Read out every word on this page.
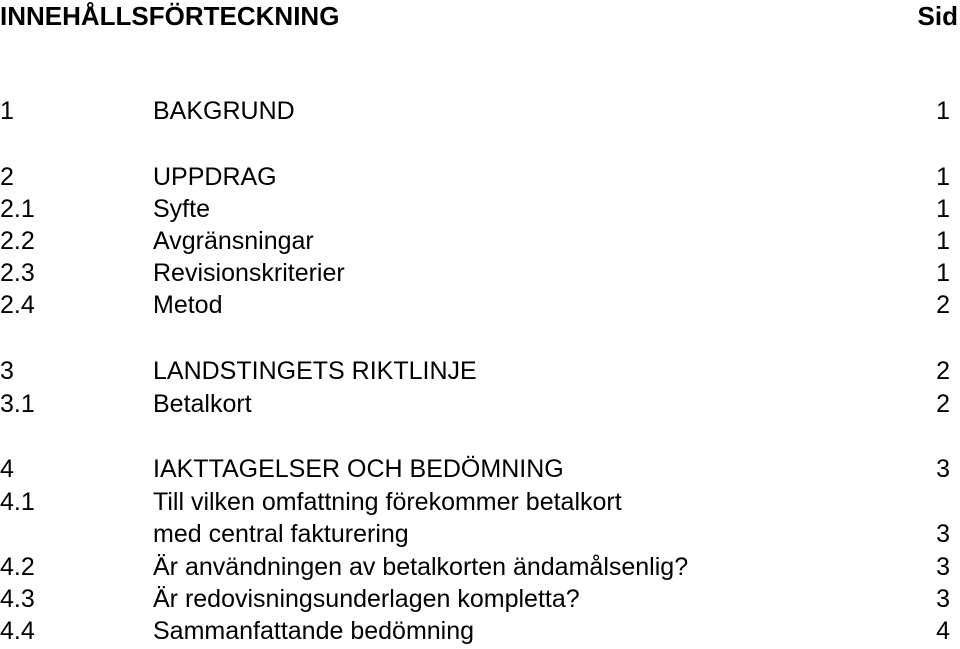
INNEHÅLLSFÖRTECKNING	Sid
1	BAKGRUND	1
2	UPPDRAG	1
2.1	Syfte	1
2.2	Avgränsningar	1
2.3	Revisionskriterier	1
2.4	Metod	2
3	LANDSTINGETS RIKTLINJE	2
3.1	Betalkort	2
4	IAKTTAGELSER OCH BEDÖMNING	3
4.1	Till vilken omfattning förekommer betalkort
med central fakturering	3
4.2	Är användningen av betalkorten ändamålsenlig?	3
4.3	Är redovisningsunderlagen kompletta?	3
4.4	Sammanfattande bedömning	4
